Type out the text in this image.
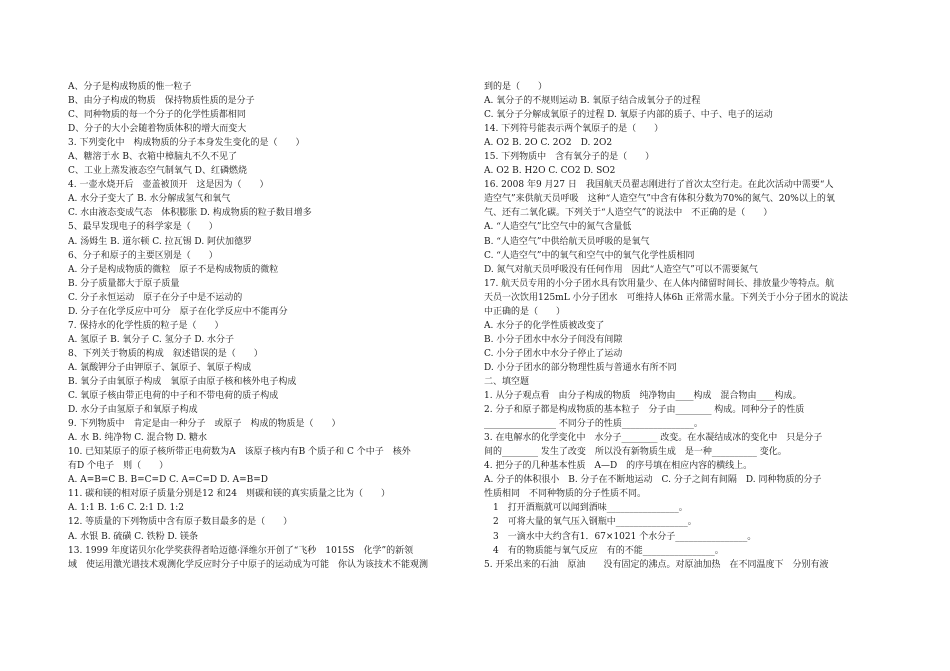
A、分子是构成物质的惟一粒子
B、由分子构成的物质　保持物质性质的是分子
C、同种物质的每一个分子的化学性质都相同
D、分子的大小会随着物质体积的增大而变大
3. 下列变化中　构成物质的分子本身发生变化的是（　　）
A、糖溶于水 B、衣箱中樟脑丸不久不见了
C、工业上蒸发液态空气制氧气 D、红磷燃烧
4. 一壶水烧开后　壶盖被顶开　这是因为（　　）
A. 水分子变大了 B. 水分解成氢气和氧气
C. 水由液态变成气态　体积膨胀 D. 构成物质的粒子数目增多
5、最早发现电子的科学家是（　　）
A. 汤姆生 B. 道尔顿 C. 拉瓦锡 D. 阿伏加德罗
6、分子和原子的主要区别是（　　）
A. 分子是构成物质的微粒　原子不是构成物质的微粒
B. 分子质量都大于原子质量
C. 分子永恒运动　原子在分子中是不运动的
D. 分子在化学反应中可分　原子在化学反应中不能再分
7. 保持水的化学性质的粒子是（　　）
A. 氢原子 B. 氧分子 C. 氢分子 D. 水分子
8、下列关于物质的构成　叙述错误的是（　　）
A. 氯酸钾分子由钾原子、氯原子、氧原子构成
B. 氧分子由氧原子构成　氧原子由原子核和核外电子构成
C. 氧原子核由带正电荷的中子和不带电荷的质子构成
D. 水分子由氢原子和氧原子构成
9. 下列物质中　肯定是由一种分子　或原子　构成的物质是（　　）
A. 水 B. 纯净物 C. 混合物 D. 糖水
10. 已知某原子的原子核所带正电荷数为A　该原子核内有B 个质子和 C 个中子　核外
有D 个电子　则（　　）
A. A=B=C B. B=C=D C. A=C=D D. A=B=D
11. 碳和镁的相对原子质量分别是12 和24　则碳和镁的真实质量之比为（　　）
A. 1:1 B. 1:6 C. 2:1 D. 1:2
12. 等质量的下列物质中含有原子数目最多的是（　　）
A. 水银 B. 硫磺 C. 铁粉 D. 镁条
13. 1999 年度诺贝尔化学奖获得者哈迈德·泽维尔开创了“飞秒　1015S　化学”的新领
域　使运用激光谱技术观测化学反应时分子中原子的运动成为可能　你认为该技术不能观测
到的是（　　）
A. 氧分子的不规则运动 B. 氧原子结合成氧分子的过程
C. 氧分子分解成氧原子的过程 D. 氧原子内部的质子、中子、电子的运动
14. 下列符号能表示两个氧原子的是（　　）
A. O2 B. 2O C. 2O2　D. 2O2
15. 下列物质中　含有氧分子的是（　　）
A. O2 B. H2O C. CO2 D. SO2
16. 2008 年9 月27 日　我国航天员翟志刚进行了首次太空行走。在此次活动中需要“人
造空气”来供航天员呼吸　这种“人造空气”中含有体积分数为70%的氮气、20%以上的氧
气、还有二氧化碳。下列关于“人造空气”的说法中　不正确的是（　　）
A. “人造空气”比空气中的氮气含量低
B. “人造空气”中供给航天员呼吸的是氧气
C. “人造空气”中的氧气和空气中的氧气化学性质相同
D. 氮气对航天员呼吸没有任何作用　因此“人造空气”可以不需要氮气
17. 航天员专用的小分子团水具有饮用量少、在人体内储留时间长、排放量少等特点。航
天员一次饮用125mL 小分子团水　可维持人体6h 正常需水量。下列关于小分子团水的说法
中正确的是（　　）
A. 水分子的化学性质被改变了
B. 小分子团水中水分子间没有间隙
C. 小分子团水中水分子停止了运动
D. 小分子团水的部分物理性质与普通水有所不同
二、填空题
1. 从分子观点看　由分子构成的物质　纯净物由____构成　混合物由____构成。
2. 分子和原子都是构成物质的基本粒子　分子由________ 构成。同种分子的性质
________________ 不同分子的性质________________。
3. 在电解水的化学变化中　水分子________ 改变。在水凝结成冰的变化中　只是分子
间的________ 发生了改变　所以没有新物质生成　是一种__________ 变化。
4. 把分子的几种基本性质　A—D　的序号填在相应内容的横线上。
A. 分子的体积很小　B. 分子在不断地运动　C. 分子之间有间隔　D. 同种物质的分子
性质相同　不同种物质的分子性质不同。
　1　打开酒瓶就可以闻到酒味________________。
　2　可将大量的氧气压入钢瓶中________________。
　3　一滴水中大约含有1．67×1021 个水分子________________。
　4　有的物质能与氧气反应　有的不能________________。
5. 开采出来的石油　原油　　没有固定的沸点。对原油加热　在不同温度下　分别有液
